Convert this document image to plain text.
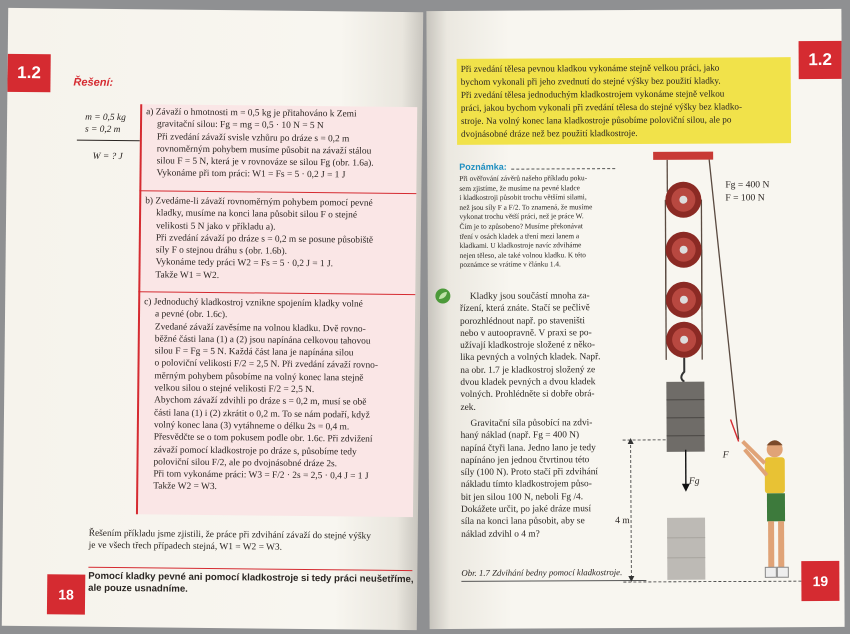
1.2
Řešení:
m = 0,5 kg
s = 0,2 m
W = ? J
a) Závaží o hmotnosti m = 0,5 kg je přitahováno k Zemi
gravitační silou: Fg = mg = 0,5 · 10 N = 5 N
Při zvedání závaží svisle vzhůru po dráze s = 0,2 m
rovnoměrným pohybem musíme působit na závaží stálou
silou F = 5 N, která je v rovnováze se silou Fg (obr. 1.6a).
Vykonáme při tom práci: W1 = Fs = 5 · 0,2 J = 1 J
b) Zvedáme-li závaží rovnoměrným pohybem pomocí pevné
kladky, musíme na konci lana působit silou F o stejné
velikosti 5 N jako v příkladu a).
Při zvedání závaží po dráze s = 0,2 m se posune působiště
síly F o stejnou dráhu s (obr. 1.6b).
Vykonáme tedy práci W2 = Fs = 5 · 0,2 J = 1 J.
Takže W1 = W2.
c) Jednoduchý kladkostroj vznikne spojením kladky volné
a pevné (obr. 1.6c).
Zvedané závaží zavěsíme na volnou kladku. Dvě rovno-
běžné části lana (1) a (2) jsou napínána celkovou tahovou
silou F = Fg = 5 N. Každá část lana je napínána silou
o poloviční velikosti F/2 = 2,5 N. Při zvedání závaží rovno-
měrným pohybem působíme na volný konec lana stejně
velkou silou o stejné velikosti F/2 = 2,5 N.
Abychom závaží zdvihli po dráze s = 0,2 m, musí se obě
části lana (1) i (2) zkrátit o 0,2 m. To se nám podaří, když
volný konec lana (3) vytáhneme o délku 2s = 0,4 m.
Přesvědčte se o tom pokusem podle obr. 1.6c. Při zdvižení
závaží pomocí kladkostroje po dráze s, působíme tedy
poloviční silou F/2, ale po dvojnásobné dráze 2s.
Při tom vykonáme práci: W3 = F/2 · 2s = 2,5 · 0,4 J = 1 J
Takže W2 = W3.
Řešením příkladu jsme zjistili, že práce při zdvihání závaží do stejné výšky
je ve všech třech případech stejná, W1 = W2 = W3.
Pomocí kladky pevné ani pomocí kladkostroje si tedy práci neušetříme,
ale pouze usnadníme.
18
Při zvedání tělesa pevnou kladkou vykonáme stejně velkou práci, jako
bychom vykonali při jeho zvednutí do stejné výšky bez použití kladky.
Při zvedání tělesa jednoduchým kladkostrojem vykonáme stejně velkou
práci, jakou bychom vykonali při zvedání tělesa do stejné výšky bez kladko-
stroje. Na volný konec lana kladkostroje působíme poloviční silou, ale po
dvojnásobné dráze než bez použití kladkostroje.
1.2
Poznámka:
Při ověřování závěrů našeho příkladu poku-
sem zjistíme, že musíme na pevné kladce
i kladkostroji působit trochu většími silami,
než jsou síly F a F/2. To znamená, že musíme
vykonat trochu větší práci, než je práce W.
Čím je to způsobeno? Musíme překonávat
tření v osách kladek a tření mezi lanem a
kladkami. U kladkostroje navíc zdviháme
nejen těleso, ale také volnou kladku. K této
poznámce se vrátíme v článku 1.4.
Kladky jsou součástí mnoha za-
řízení, která znáte. Stačí se pečlivě
porozhlédnout např. po staveništi
nebo v autoopravně. V praxi se po-
užívají kladkostroje složené z něko-
lika pevných a volných kladek. Např.
na obr. 1.7 je kladkostroj složený ze
dvou kladek pevných a dvou kladek
volných. Prohlédněte si dobře obrá-
zek.
Gravitační síla působící na zdvi-
haný náklad (např. Fg = 400 N)
napíná čtyři lana. Jedno lano je tedy
napínáno jen jednou čtvrtinou této
síly (100 N). Proto stačí při zdvihání
nákladu tímto kladkostrojem půso-
bit jen silou 100 N, neboli Fg /4.
Dokážete určit, po jaké dráze musí
síla na konci lana působit, aby se
náklad zdvihl o 4 m?
Obr. 1.7 Zdvihání bedny pomocí kladkostroje.
Fg = 400 N
F = 100 N
4 m
F
Fg
19
